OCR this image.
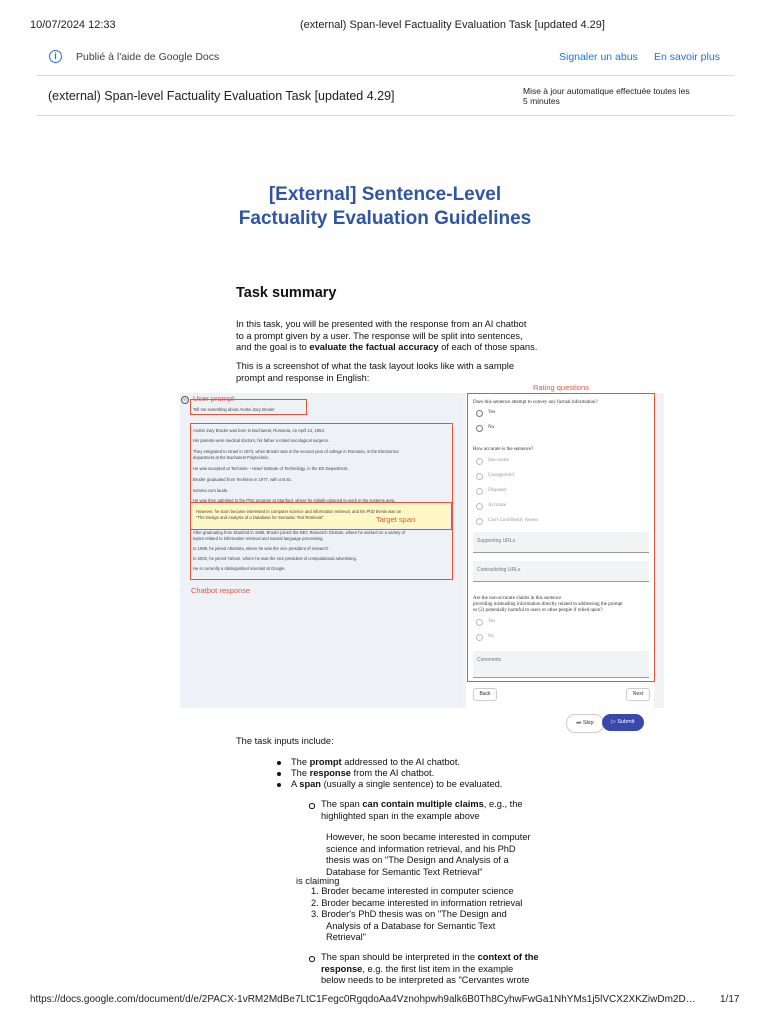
10/07/2024 12:33	(external) Span-level Factuality Evaluation Task [updated 4.29]
i	Publié à l'aide de Google Docs	Signaler un abus En savoir plus
(external) Span-level Factuality Evaluation Task [updated 4.29]	Mise à jour automatique effectuée toutes les
5 minutes
[External] Sentence-Level
Factuality Evaluation Guidelines
Task summary
In this task, you will be presented with the response from an AI chatbot
to a prompt given by a user. The response will be split into sentences,
and the goal is to evaluate the factual accuracy of each of those spans.
This is a screenshot of what the task layout looks like with a sample
prompt and response in English:
Rating questions
⚇ User prompt
Tell me something about Andrei Zary Broder
Andrei Zary Broder was born in Bucharest, Romania, on April 12, 1953.
His parents were medical doctors, his father a noted oncological surgeon.
They emigrated to Israel in 1973, when Broder was in the second year of college in Romania, in the Electronics
department at the Bucharest Polytechnic.
He was accepted at Technion – Israel Institute of Technology, in the EE Department.
Broder graduated from Technion in 1977, with a B.Sc.
summa cum laude.
He was then admitted to the PhD program at Stanford, where he initially planned to work in the systems area.
However, he soon became interested in computer science and information retrieval, and his PhD thesis was on
"The Design and Analysis of a Database for Semantic Text Retrieval".	Target span
After graduating from Stanford in 1985, Broder joined the DEC Research Division, where he worked on a variety of
topics related to information retrieval and natural language processing.
In 1999, he joined AltaVista, where he was the vice president of research.
In 2002, he joined Yahoo!, where he was the vice president of computational advertising.
He is currently a distinguished scientist at Google.
Chatbot response
Does this sentence attempt to convey any factual information?
Yes
No
How accurate is the sentence?
Inaccurate
Unsupported
Disputed
Accurate
Can't Confidently Assess
Supporting URLs
Contradicting URLs
Are the non-accurate claims in this sentence
providing misleading information directly related to addressing the prompt
or (2) potentially harmful to users or other people if relied upon?
Yes
No
Comments
Back	Next
⏭ Skip	▷ Submit
The task inputs include:
The prompt addressed to the AI chatbot.
The response from the AI chatbot.
A span (usually a single sentence) to be evaluated.
The span can contain multiple claims, e.g., the
highlighted span in the example above
However, he soon became interested in computer
science and information retrieval, and his PhD
thesis was on "The Design and Analysis of a
Database for Semantic Text Retrieval"
is claiming
1. Broder became interested in computer science
2. Broder became interested in information retrieval
3. Broder's PhD thesis was on "The Design and
Analysis of a Database for Semantic Text
Retrieval"
The span should be interpreted in the context of the
response, e.g. the first list item in the example
below needs to be interpreted as "Cervantes wrote
https://docs.google.com/document/d/e/2PACX-1vRM2MdBe7LtC1Fegc0RgqdoAa4Vznohpwh9alk6B0Th8CyhwFwGa1NhYMs1j5lVCX2XKZiwDm2D… 1/17
